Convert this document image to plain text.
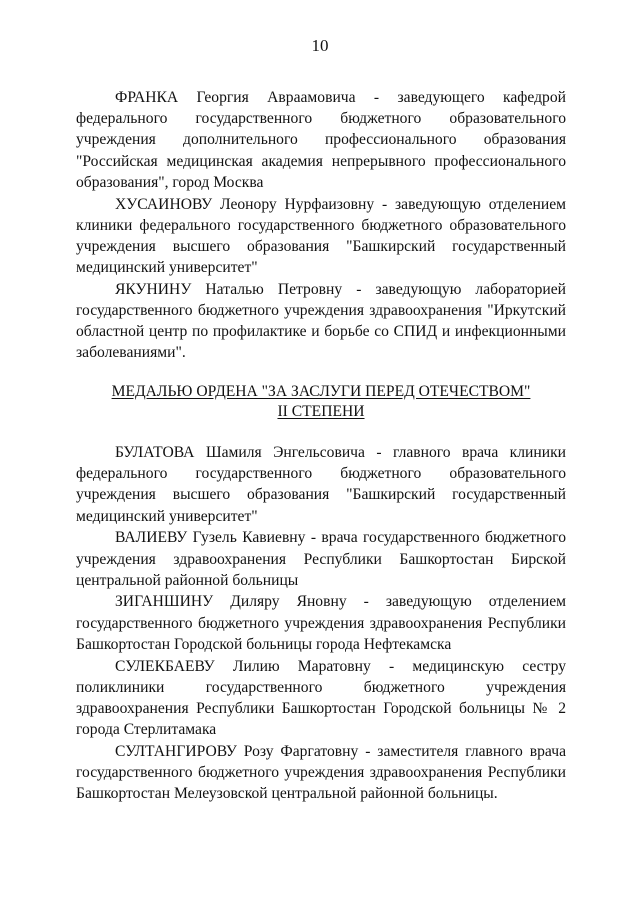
10

ФРАНКА Георгия Авраамовича - заведующего кафедрой федерального государственного бюджетного образовательного учреждения дополнительного профессионального образования "Российская медицинская академия непрерывного профессионального образования", город Москва

ХУСАИНОВУ Леонору Нурфаизовну - заведующую отделением клиники федерального государственного бюджетного образовательного учреждения высшего образования "Башкирский государственный медицинский университет"

ЯКУНИНУ Наталью Петровну - заведующую лабораторией государственного бюджетного учреждения здравоохранения "Иркутский областной центр по профилактике и борьбе со СПИД и инфекционными заболеваниями".

МЕДАЛЬЮ ОРДЕНА "ЗА ЗАСЛУГИ ПЕРЕД ОТЕЧЕСТВОМ"
II СТЕПЕНИ

БУЛАТОВА Шамиля Энгельсовича - главного врача клиники федерального государственного бюджетного образовательного учреждения высшего образования "Башкирский государственный медицинский университет"

ВАЛИЕВУ Гузель Кавиевну - врача государственного бюджетного учреждения здравоохранения Республики Башкортостан Бирской центральной районной больницы

ЗИГАНШИНУ Диляру Яновну - заведующую отделением государственного бюджетного учреждения здравоохранения Республики Башкортостан Городской больницы города Нефтекамска

СУЛЕКБАЕВУ Лилию Маратовну - медицинскую сестру поликлиники государственного бюджетного учреждения здравоохранения Республики Башкортостан Городской больницы № 2 города Стерлитамака

СУЛТАНГИРОВУ Розу Фаргатовну - заместителя главного врача государственного бюджетного учреждения здравоохранения Республики Башкортостан Мелеузовской центральной районной больницы.
